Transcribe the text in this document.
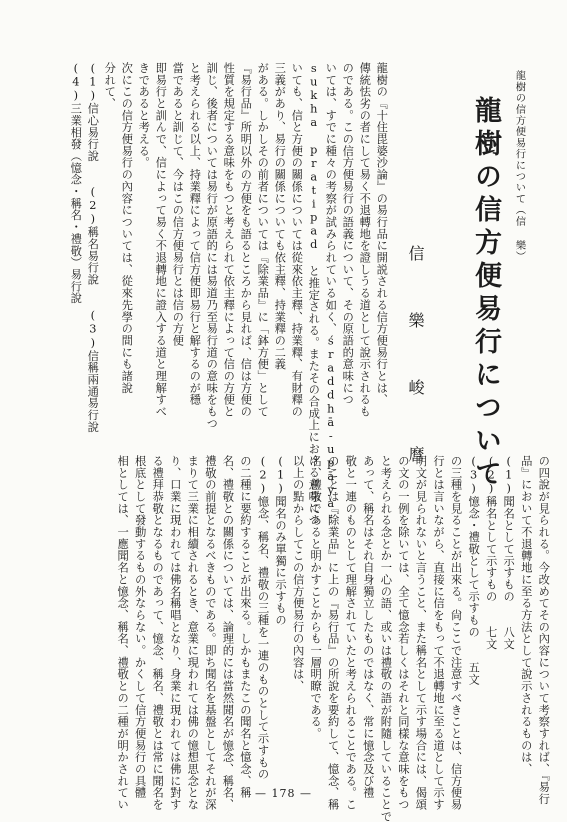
龍樹の信方便易行について（信 樂）
龍樹の信方便易行について
信 樂 峻 麿
龍樹の『十住毘婆沙論』の易行品に開説される信方便易行とは、
傳統怯劣の者にして易く不退轉地を證しうる道として說示されるも
のである。この信方便易行の語義について、その原語的意味につ
いては、すでに種々の考察が試みられている如く、śraddhā-upāya-
sukha pratipad と推定される。またその合成上における意味につ
いても、信と方便の關係については從來依主釋、持業釋、有財釋の
三義があり、易行の關係についても依主釋、持業釋の二義
がある。しかしその前者については『除業品』に「鉢方便」として
『易行品』所明以外の方便をも語るところから見れば、信は方便の
性質を規定する意味をもつと考えられて依主釋によって信の方便と
訓じ、後者については易行が原語的には易道乃至易行道の意味をもつ
と考えられる以上、持業釋によって信方便即易行と解するのが穩
當であると訓じて、今はこの信方便易行とは信の方便
即易行と訓んで、信によって易く不退轉地に證入する道と理解すべ
きであると考える。
次にこの信方便易行の內容については、從來先學の間にも諸說
分れて、
(1)信心易行說　　(2)稱名易行說　　(3)信稱兩通易行說
(4)三業相發（憶念・稱名・禮敬）易行說
の四說が見られる。今改めてその內容について考察すれば、『易行
品』において不退轉地に至る方法として說示されるものは、
(1)聞名として示すもの　　八文
(2)稱名として示すもの　　七文
(3)憶念・禮敬として示すもの　　五文
の三種を見ることが出來る。尙ここで注意すべきことは、信方便易
行とは言いながら、直接に信をもって不退轉地に至る道として示す
明文が見られないと言うこと、また稱名として示す場合には、偈頌
の文の一例を除いては、全て憶念若しくはそれと同樣な意味をもつ
と考えられる念とか一心の語、或いは禮敬の語が附隨していることで
あって、稱名はそれ自身獨立したものではなく、常に憶念及び禮
敬と一連のものとして理解されていたと考えられることである。こ
のことは『除業品』に上の『易行品』の所說を要約して、憶念、稱
名、禮敬であると明かすことからも一層明瞭である。
以上の點からしてこの信方便易行の內容は、
(1)聞名のみ單獨に示すもの
(2)憶念、稱名、禮敬の三種を一連のものとして示すもの
の二種に要約することが出來る。しかもまたこの聞名と憶念、稱
名、禮敬との關係については、論理的には當然聞名が憶念、稱名、
禮敬の前提となるべきものである。即ち聞名を基盤としてそれが深
まりて三業に相續されるとき、意業に現われては佛の憶想思念とな
り、口業に現われては佛名稱唱となり、身業に現われては佛に對す
る禮拜恭敬となるものであって、憶念、稱名、禮敬とは常に聞名を
根底として發動するもの外ならない。かくして信方便易行の具體
相としては、一應聞名と憶念、稱名、禮敬との二種が明かされてい	— 178 —
